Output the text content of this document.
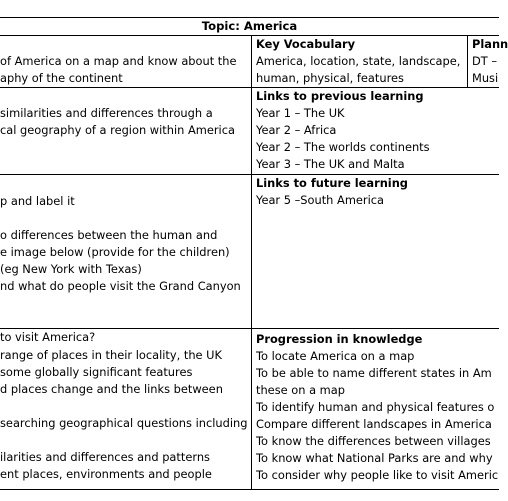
Topic: America
of America on a map and know about the
aphy of the continent
Key Vocabulary
America, location, state, landscape,
human, physical, features
Plann
DT –
Musi
similarities and differences through a
cal geography of a region within America
Links to previous learning
Year 1 – The UK
Year 2 – Africa
Year 2 – The worlds continents
Year 3 – The UK and Malta
p and label it

o differences between the human and
e image below (provide for the children)
(eg New York with Texas)
nd what do people visit the Grand Canyon

to visit America?
Links to future learning
Year 5 –South America

range of places in their locality, the UK
some globally significant features
d places change and the links between

searching geographical questions including

ilarities and differences and patterns
ent places, environments and people
Progression in knowledge
To locate America on a map
To be able to name different states in Am
these on a map
To identify human and physical features o
Compare different landscapes in America
To know the differences between villages
To know what National Parks are and why
To consider why people like to visit Americ
